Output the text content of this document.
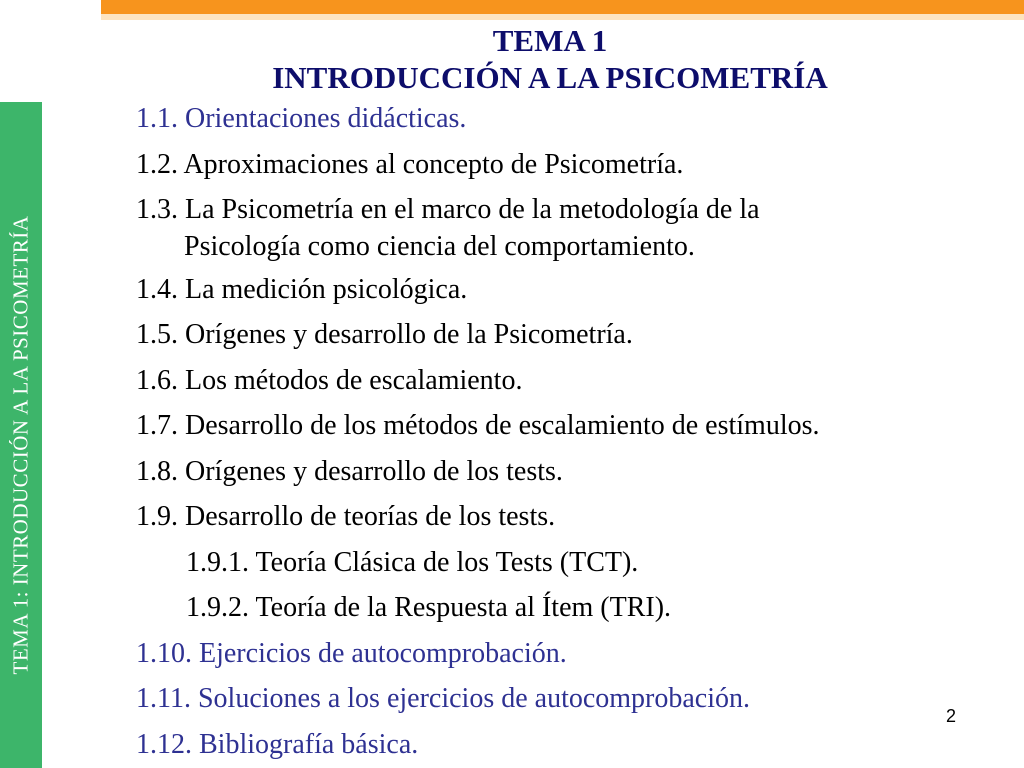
TEMA 1: INTRODUCCIÓN A LA PSICOMETRÍA
TEMA 1
INTRODUCCIÓN A LA PSICOMETRÍA
1.1. Orientaciones didácticas.
1.2. Aproximaciones al concepto de Psicometría.
1.3. La Psicometría en el marco de la metodología de la
Psicología como ciencia del comportamiento.
1.4. La medición psicológica.
1.5. Orígenes y desarrollo de la Psicometría.
1.6. Los métodos de escalamiento.
1.7. Desarrollo de los métodos de escalamiento de estímulos.
1.8. Orígenes y desarrollo de los tests.
1.9. Desarrollo de teorías de los tests.
1.9.1. Teoría Clásica de los Tests (TCT).
1.9.2. Teoría de la Respuesta al Ítem (TRI).
1.10. Ejercicios de autocomprobación.
1.11. Soluciones a los ejercicios de autocomprobación.
1.12. Bibliografía básica.
2
